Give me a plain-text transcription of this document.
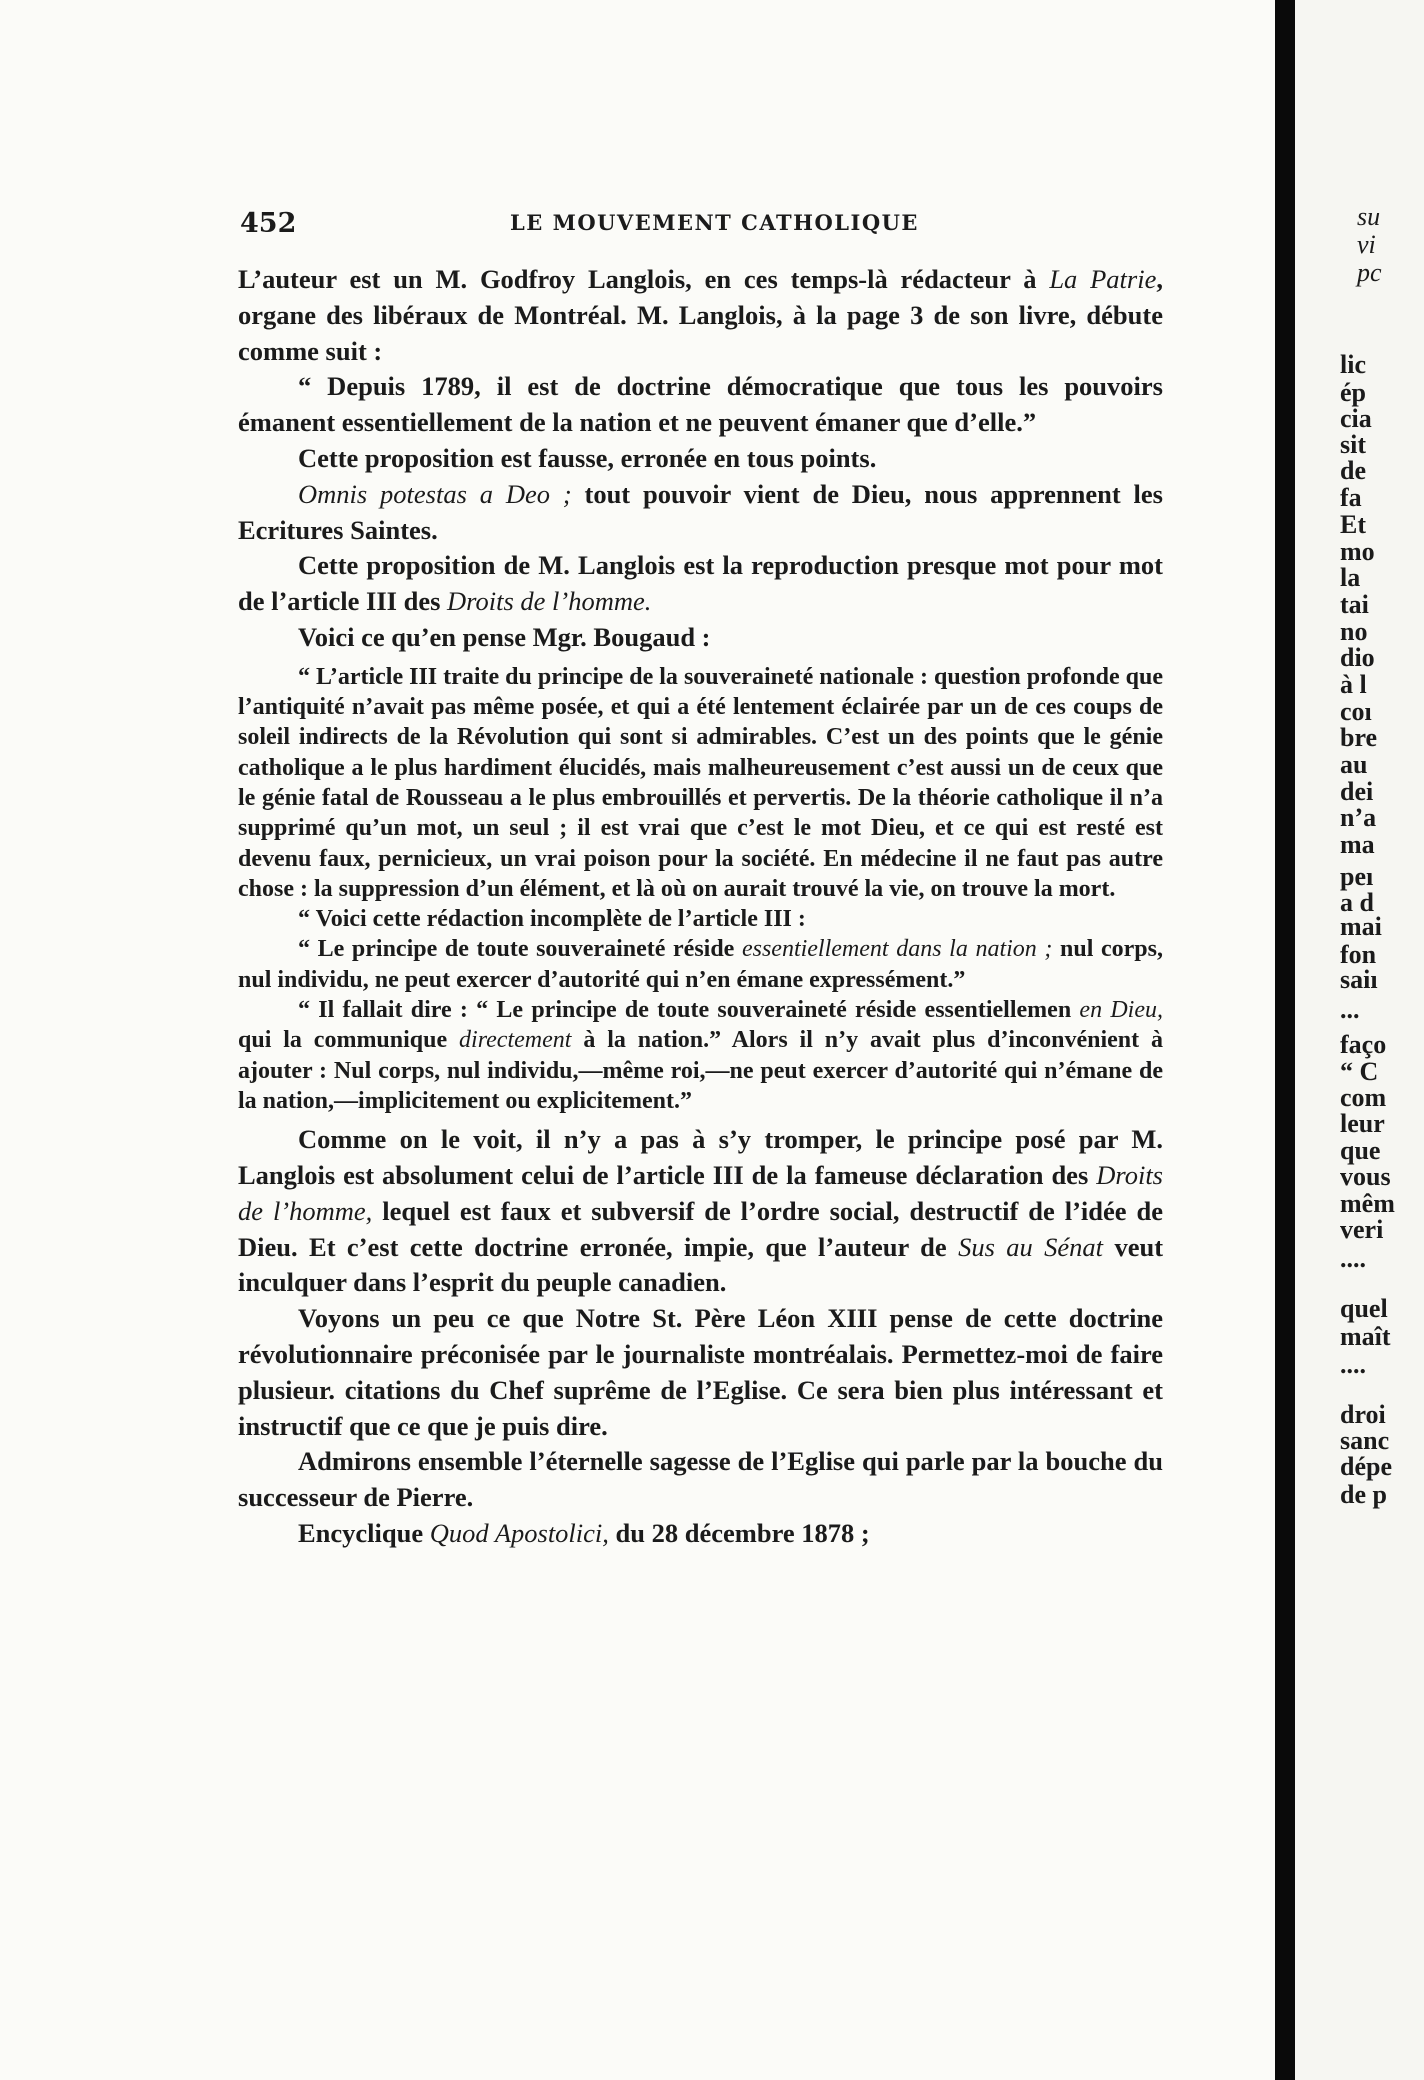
452	LE MOUVEMENT CATHOLIQUE

L’auteur est un M. Godfroy Langlois, en ces temps-là rédacteur à La Patrie, organe des libéraux de Montréal. M. Langlois, à la page 3 de son livre, débute comme suit :

“ Depuis 1789, il est de doctrine démocratique que tous les pouvoirs émanent essentiellement de la nation et ne peuvent émaner que d’elle.”

Cette proposition est fausse, erronée en tous points.

Omnis potestas a Deo ; tout pouvoir vient de Dieu, nous apprennent les Ecritures Saintes.

Cette proposition de M. Langlois est la reproduction presque mot pour mot de l’article III des Droits de l’homme.

Voici ce qu’en pense Mgr. Bougaud :

“ L’article III traite du principe de la souveraineté nationale : question profonde que l’antiquité n’avait pas même posée, et qui a été lentement éclairée par un de ces coups de soleil indirects de la Révolution qui sont si admirables. C’est un des points que le génie catholique a le plus hardiment élucidés, mais malheureusement c’est aussi un de ceux que le génie fatal de Rousseau a le plus embrouillés et pervertis. De la théorie catholique il n’a supprimé qu’un mot, un seul ; il est vrai que c’est le mot Dieu, et ce qui est resté est devenu faux, pernicieux, un vrai poison pour la société. En médecine il ne faut pas autre chose : la suppression d’un élément, et là où on aurait trouvé la vie, on trouve la mort.

“ Voici cette rédaction incomplète de l’article III :

“ Le principe de toute souveraineté réside essentiellement dans la nation ; nul corps, nul individu, ne peut exercer d’autorité qui n’en émane expressément.”

“ Il fallait dire : “ Le principe de toute souveraineté réside essentiellemen en Dieu, qui la communique directement à la nation.” Alors il n’y avait plus d’inconvénient à ajouter : Nul corps, nul individu,—même roi,—ne peut exercer d’autorité qui n’émane de la nation,—implicitement ou explicitement.”

Comme on le voit, il n’y a pas à s’y tromper, le principe posé par M. Langlois est absolument celui de l’article III de la fameuse déclaration des Droits de l’homme, lequel est faux et subversif de l’ordre social, destructif de l’idée de Dieu. Et c’est cette doctrine erronée, impie, que l’auteur de Sus au Sénat veut inculquer dans l’esprit du peuple canadien.

Voyons un peu ce que Notre St. Père Léon XIII pense de cette doctrine révolutionnaire préconisée par le journaliste montréalais. Permettez-moi de faire plusieur. citations du Chef suprême de l’Eglise. Ce sera bien plus intéressant et instructif que ce que je puis dire.

Admirons ensemble l’éternelle sagesse de l’Eglise qui parle par la bouche du successeur de Pierre.

Encyclique Quod Apostolici, du 28 décembre 1878 ;

su
vi
pc
lic
ép
cia
sit
de
fa
Et
mo
la
tai
no
dio
à l
coı
bre
au
dei
n’a
ma
peı
a d
mai
fon
saiı
...
faço
“ C
com
leur
que
vous
mêm
veri
....
quel
maît
....
droi
sanc
dépe
de p
